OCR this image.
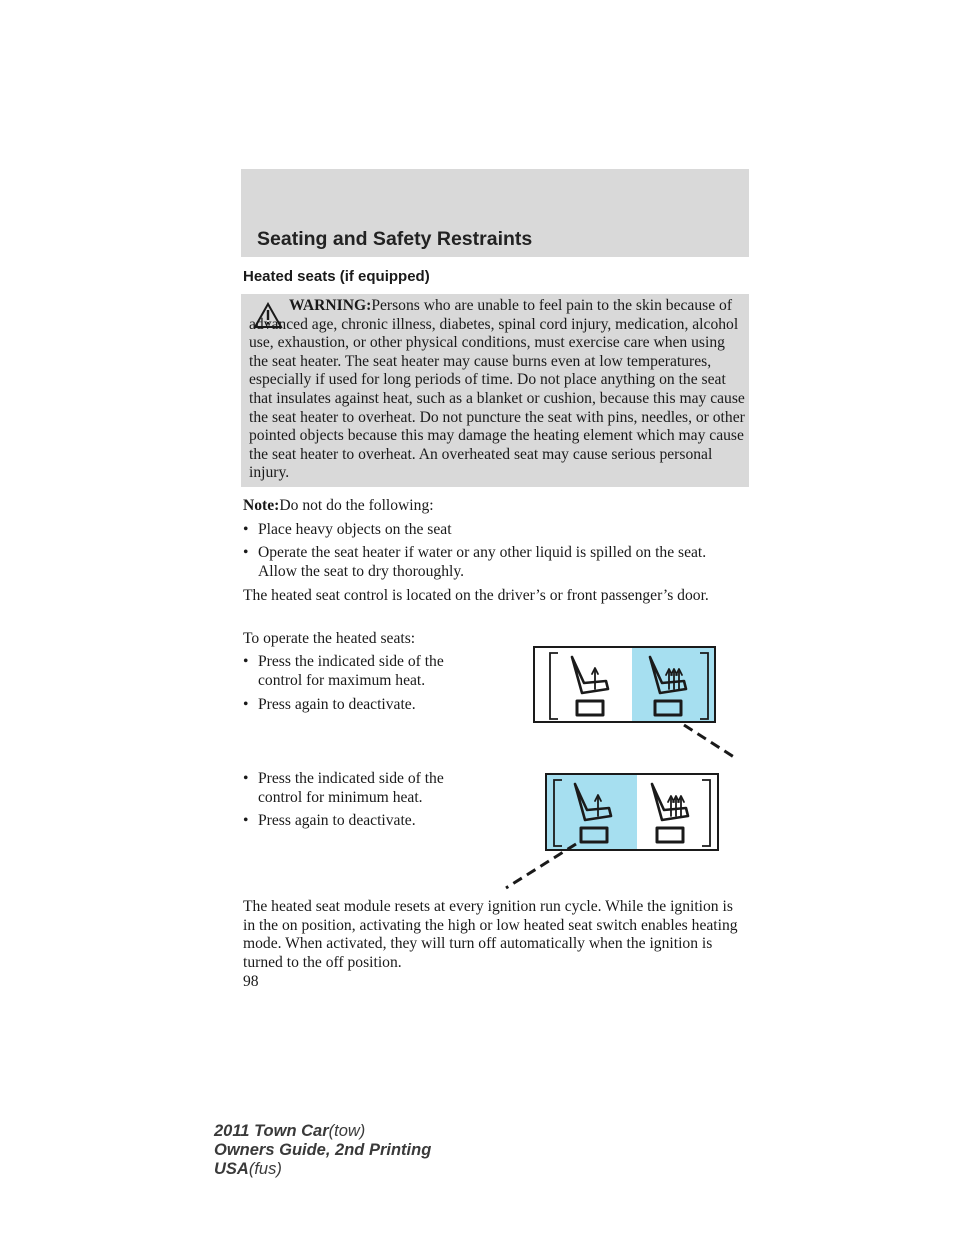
Seating and Safety Restraints
Heated seats (if equipped)

WARNING:Persons who are unable to feel pain to the skin because of advanced age, chronic illness, diabetes, spinal cord injury, medication, alcohol use, exhaustion, or other physical conditions, must exercise care when using the seat heater. The seat heater may cause burns even at low temperatures, especially if used for long periods of time. Do not place anything on the seat that insulates against heat, such as a blanket or cushion, because this may cause the seat heater to overheat. Do not puncture the seat with pins, needles, or other pointed objects because this may damage the heating element which may cause the seat heater to overheat. An overheated seat may cause serious personal injury.

Note:Do not do the following:

• Place heavy objects on the seat
• Operate the seat heater if water or any other liquid is spilled on the seat. Allow the seat to dry thoroughly.

The heated seat control is located on the driver’s or front passenger’s door.

To operate the heated seats:

• Press the indicated side of the control for maximum heat.
• Press again to deactivate.
• Press the indicated side of the control for minimum heat.
• Press again to deactivate.

The heated seat module resets at every ignition run cycle. While the ignition is in the on position, activating the high or low heated seat switch enables heating mode. When activated, they will turn off automatically when the ignition is turned to the off position.

98
2011 Town Car(tow)
Owners Guide, 2nd Printing
USA(fus)
